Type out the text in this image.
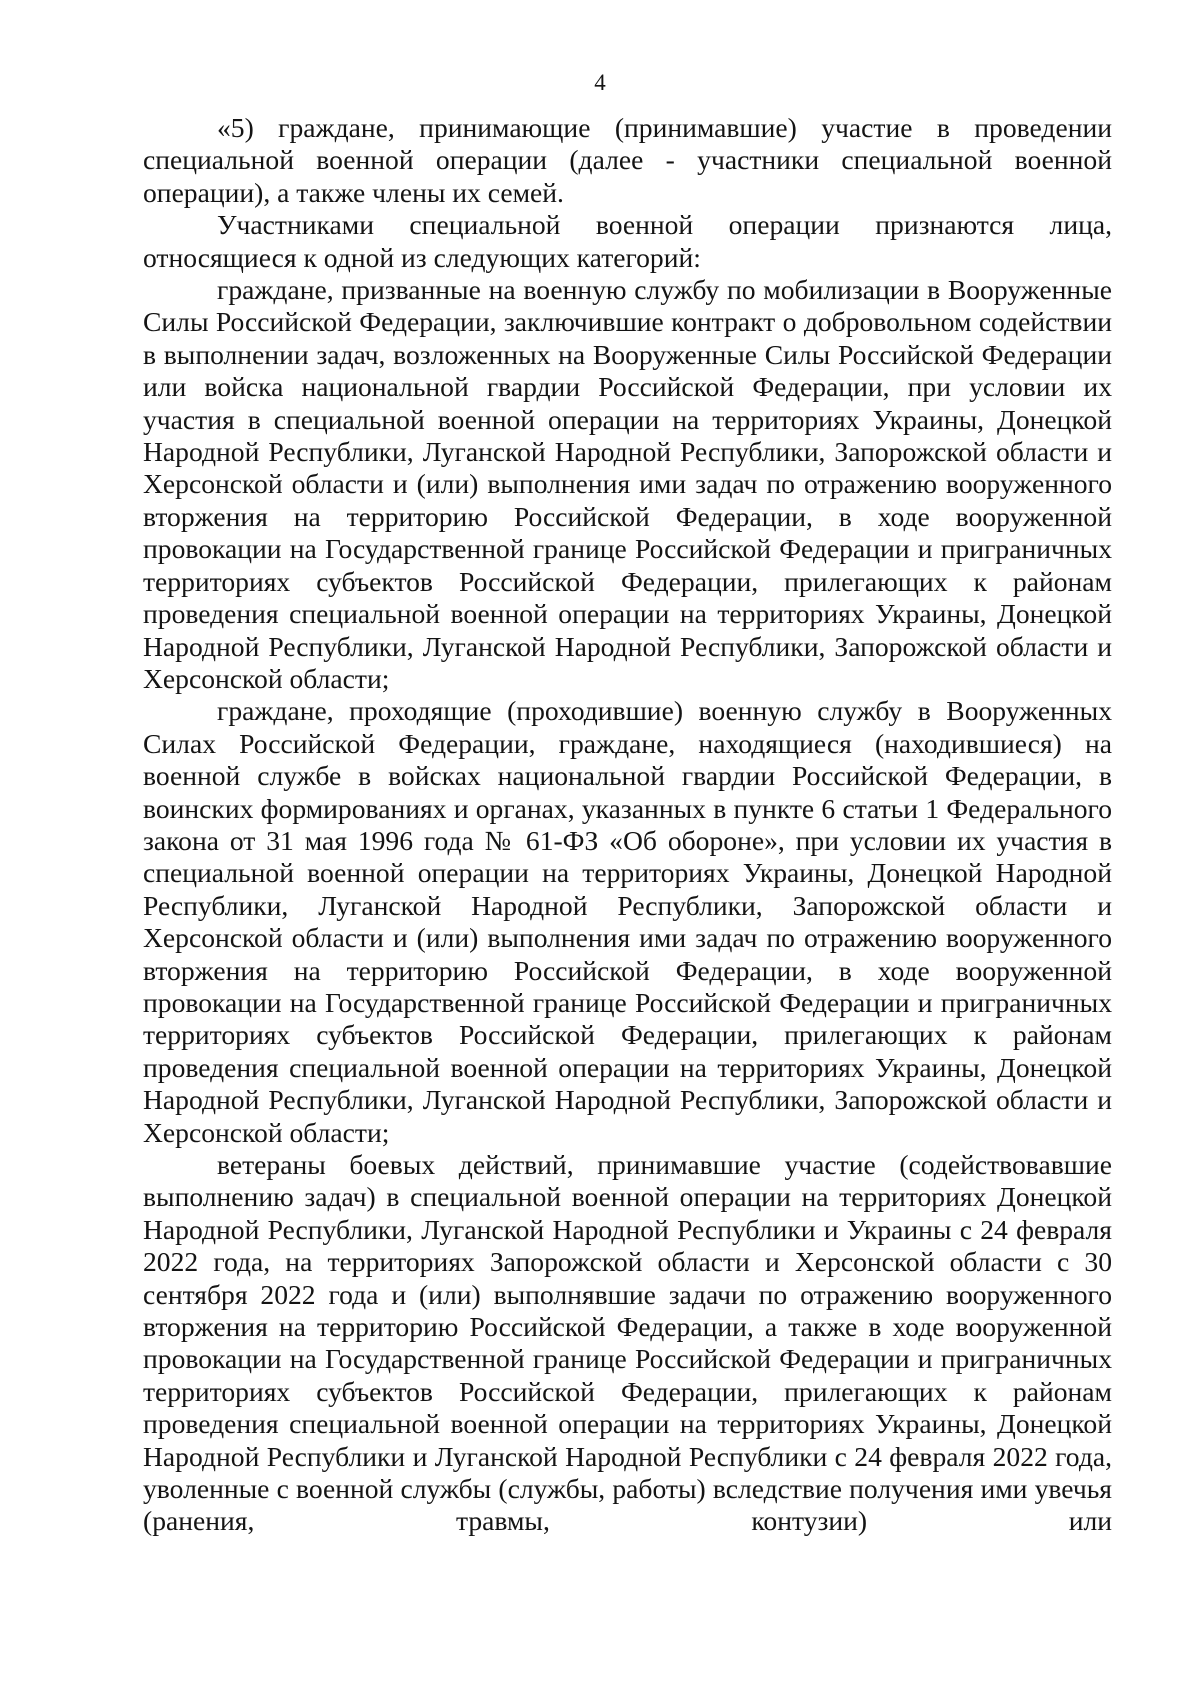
4

«5) граждане, принимающие (принимавшие) участие в проведении специальной военной операции (далее - участники специальной военной операции), а также члены их семей.

Участниками специальной военной операции признаются лица, относящиеся к одной из следующих категорий:

граждане, призванные на военную службу по мобилизации в Вооруженные Силы Российской Федерации, заключившие контракт о добровольном содействии в выполнении задач, возложенных на Вооруженные Силы Российской Федерации или войска национальной гвардии Российской Федерации, при условии их участия в специальной военной операции на территориях Украины, Донецкой Народной Республики, Луганской Народной Республики, Запорожской области и Херсонской области и (или) выполнения ими задач по отражению вооруженного вторжения на территорию Российской Федерации, в ходе вооруженной провокации на Государственной границе Российской Федерации и приграничных территориях субъектов Российской Федерации, прилегающих к районам проведения специальной военной операции на территориях Украины, Донецкой Народной Республики, Луганской Народной Республики, Запорожской области и Херсонской области;

граждане, проходящие (проходившие) военную службу в Вооруженных Силах Российской Федерации, граждане, находящиеся (находившиеся) на военной службе в войсках национальной гвардии Российской Федерации, в воинских формированиях и органах, указанных в пункте 6 статьи 1 Федерального закона от 31 мая 1996 года № 61-ФЗ «Об обороне», при условии их участия в специальной военной операции на территориях Украины, Донецкой Народной Республики, Луганской Народной Республики, Запорожской области и Херсонской области и (или) выполнения ими задач по отражению вооруженного вторжения на территорию Российской Федерации, в ходе вооруженной провокации на Государственной границе Российской Федерации и приграничных территориях субъектов Российской Федерации, прилегающих к районам проведения специальной военной операции на территориях Украины, Донецкой Народной Республики, Луганской Народной Республики, Запорожской области и Херсонской области;

ветераны боевых действий, принимавшие участие (содействовавшие выполнению задач) в специальной военной операции на территориях Донецкой Народной Республики, Луганской Народной Республики и Украины с 24 февраля 2022 года, на территориях Запорожской области и Херсонской области с 30 сентября 2022 года и (или) выполнявшие задачи по отражению вооруженного вторжения на территорию Российской Федерации, а также в ходе вооруженной провокации на Государственной границе Российской Федерации и приграничных территориях субъектов Российской Федерации, прилегающих к районам проведения специальной военной операции на территориях Украины, Донецкой Народной Республики и Луганской Народной Республики с 24 февраля 2022 года, уволенные с военной службы (службы, работы) вследствие получения ими увечья (ранения, травмы, контузии) или
